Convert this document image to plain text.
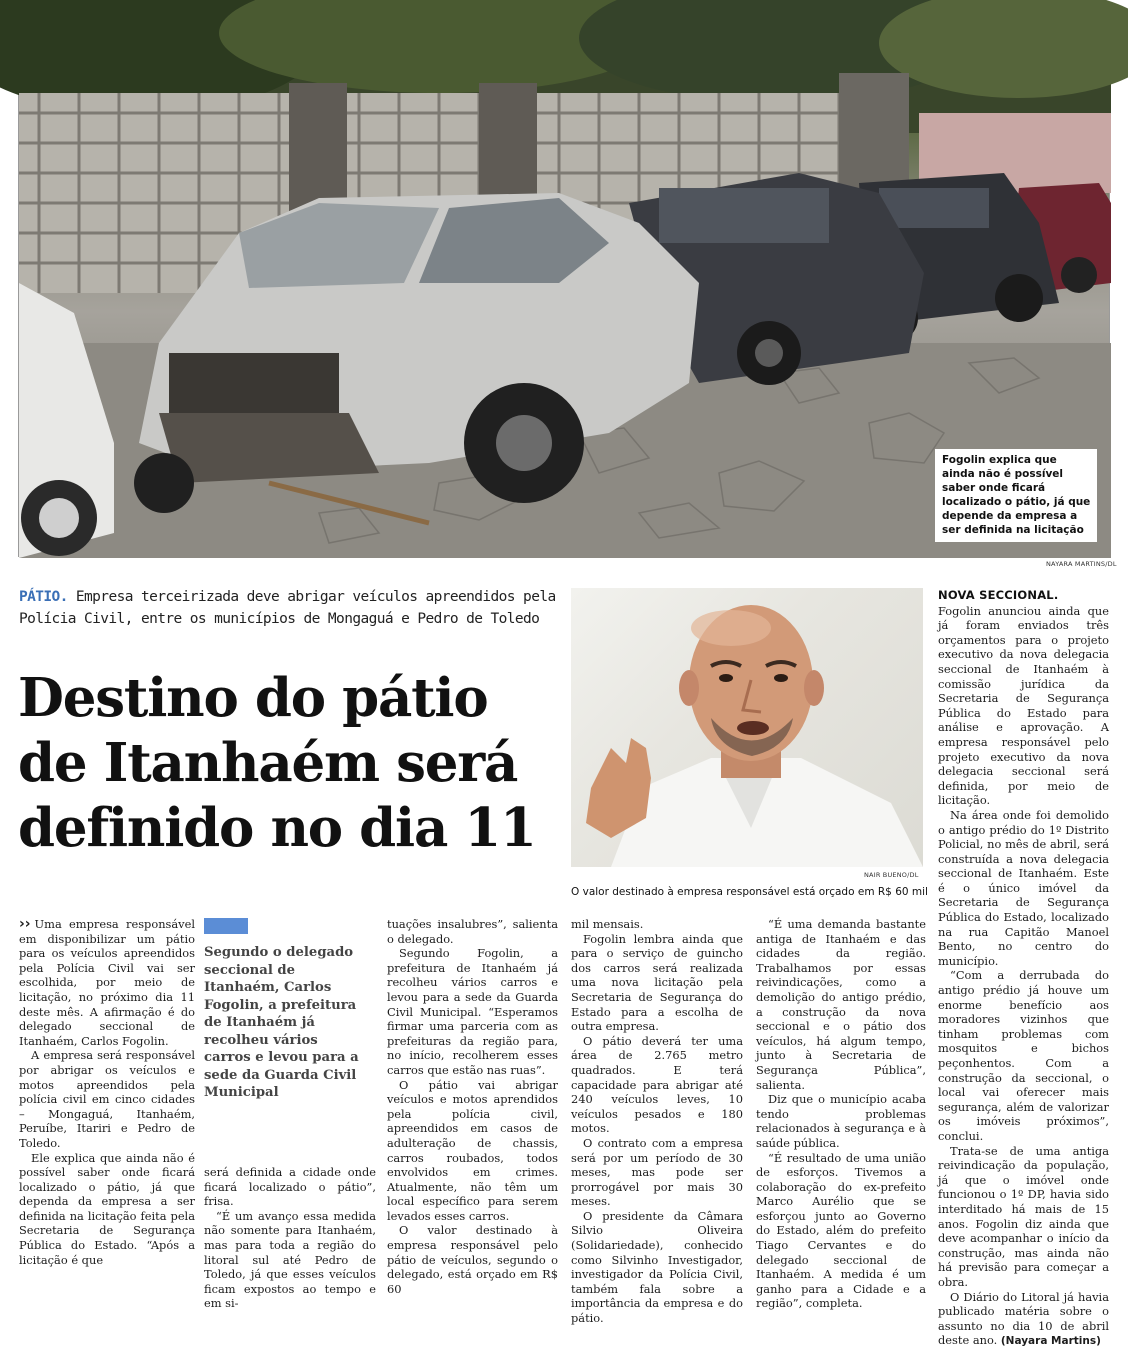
Fogolin explica que ainda não é possível saber onde ficará localizado o pátio, já que depende da empresa a ser definida na licitação
NAYARA MARTINS/DL
PÁTIO. Empresa terceirizada deve abrigar veículos apreendidos pela Polícia Civil, entre os municípios de Mongaguá e Pedro de Toledo
Destino do pátio
de Itanhaém será
definido no dia 11
NAIR BUENO/DL
O valor destinado à empresa responsável está orçado em R$ 60 mil
Segundo o delegado seccional de Itanhaém, Carlos Fogolin, a prefeitura de Itanhaém já recolheu vários carros e levou para a sede da Guarda Civil Municipal

›› Uma empresa responsável em disponibilizar um pátio para os veículos apreendidos pela Polícia Civil vai ser escolhida, por meio de licitação, no próximo dia 11 deste mês. A afirmação é do delegado seccional de Itanhaém, Carlos Fogolin.

A empresa será responsável por abrigar os veículos e motos apreendidos pela polícia civil em cinco cidades – Mongaguá, Itanhaém, Peruíbe, Itariri e Pedro de Toledo.

Ele explica que ainda não é possível saber onde ficará localizado o pátio, já que dependa da empresa a ser definida na licitação feita pela Secretaria de Segurança Pública do Estado. “Após a licitação é que

será definida a cidade onde ficará localizado o pátio”, frisa.

“É um avanço essa medida não somente para Itanhaém, mas para toda a região do litoral sul até Pedro de Toledo, já que esses veículos ficam expostos ao tempo e em si-

tuações insalubres”, salienta o delegado.

Segundo Fogolin, a prefeitura de Itanhaém já recolheu vários carros e levou para a sede da Guarda Civil Municipal. “Esperamos firmar uma parceria com as prefeituras da região para, no início, recolherem esses carros que estão nas ruas”.

O pátio vai abrigar veículos e motos aprendidos pela polícia civil, apreendidos em casos de adulteração de chassis, carros roubados, todos envolvidos em crimes. Atualmente, não têm um local específico para serem levados esses carros.

O valor destinado à empresa responsável pelo pátio de veículos, segundo o delegado, está orçado em R$ 60

mil mensais.

Fogolin lembra ainda que para o serviço de guincho dos carros será realizada uma nova licitação pela Secretaria de Segurança do Estado para a escolha de outra empresa.

O pátio deverá ter uma área de 2.765 metro quadrados. E terá capacidade para abrigar até 240 veículos leves, 10 veículos pesados e 180 motos.

O contrato com a empresa será por um período de 30 meses, mas pode ser prorrogável por mais 30 meses.

O presidente da Câmara Silvio Oliveira (Solidariedade), conhecido como Silvinho Investigador, investigador da Polícia Civil, também fala sobre a importância da empresa e do pátio.

“É uma demanda bastante antiga de Itanhaém e das cidades da região. Trabalhamos por essas reivindicações, como a demolição do antigo prédio, a construção da nova seccional e o pátio dos veículos, há algum tempo, junto à Secretaria de Segurança Pública”, salienta.

Diz que o município acaba tendo problemas relacionados à segurança e à saúde pública.

“É resultado de uma união de esforços. Tivemos a colaboração do ex-prefeito Marco Aurélio que se esforçou junto ao Governo do Estado, além do prefeito Tiago Cervantes e do delegado seccional de Itanhaém. A medida é um ganho para a Cidade e a região”, completa.

NOVA SECCIONAL.

Fogolin anunciou ainda que já foram enviados três orçamentos para o projeto executivo da nova delegacia seccional de Itanhaém à comissão jurídica da Secretaria de Segurança Pública do Estado para análise e aprovação. A empresa responsável pelo projeto executivo da nova delegacia seccional será definida, por meio de licitação.

Na área onde foi demolido o antigo prédio do 1º Distrito Policial, no mês de abril, será construída a nova delegacia seccional de Itanhaém. Este é o único imóvel da Secretaria de Segurança Pública do Estado, localizado na rua Capitão Manoel Bento, no centro do município.

“Com a derrubada do antigo prédio já houve um enorme benefício aos moradores vizinhos que tinham problemas com mosquitos e bichos peçonhentos. Com a construção da seccional, o local vai oferecer mais segurança, além de valorizar os imóveis próximos”, conclui.

Trata-se de uma antiga reivindicação da população, já que o imóvel onde funcionou o 1º DP, havia sido interditado há mais de 15 anos. Fogolin diz ainda que deve acompanhar o início da construção, mas ainda não há previsão para começar a obra.

O Diário do Litoral já havia publicado matéria sobre o assunto no dia 10 de abril deste ano. (Nayara Martins)
